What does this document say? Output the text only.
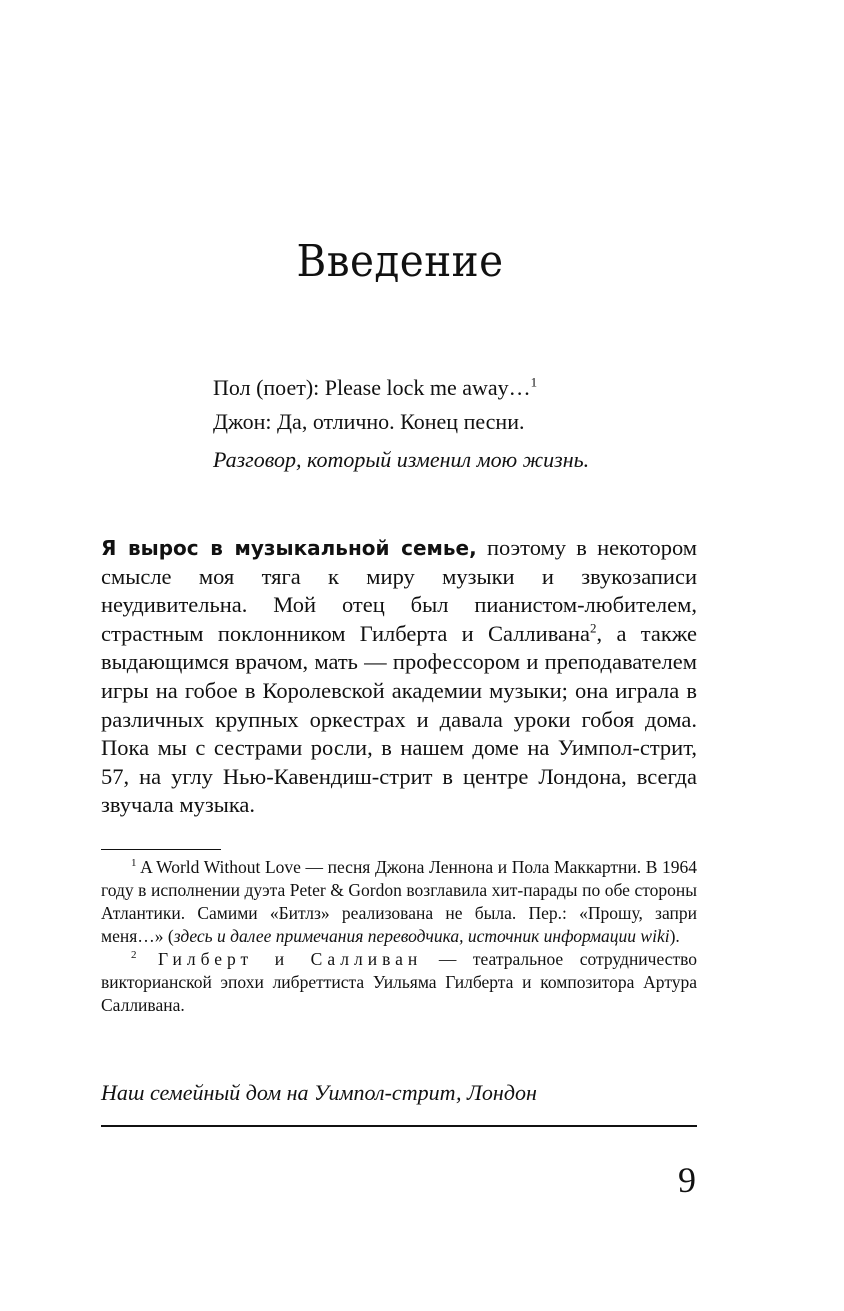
Введение

Пол (поет): Please lock me away…$^1$

Джон: Да, отлично. Конец песни.

Разговор, который изменил мою жизнь.

Я вырос в музыкальной семье, поэтому в некотором смысле моя тяга к миру музыки и звукозаписи неудивительна. Мой отец был пианистом-любителем, страстным поклонником Гилберта и Салливана$^2$, а также выдающимся врачом, мать — профессором и преподавателем игры на гобое в Королевской академии музыки; она играла в различных крупных оркестрах и давала уроки гобоя дома. Пока мы с сестрами росли, в нашем доме на Уимпол-стрит, 57, на углу Нью-Кавендиш-стрит в центре Лондона, всегда звучала музыка.

$^1$ A World Without Love — песня Джона Леннона и Пола Маккартни. В 1964 году в исполнении дуэта Peter & Gordon возглавила хит-парады по обе стороны Атлантики. Самими «Битлз» реализована не была. Пер.: «Прошу, запри меня…» (здесь и далее примечания переводчика, источник информации wiki).

$^2$ Гилберт и Салливан — театральное сотрудничество викторианской эпохи либреттиста Уильяма Гилберта и композитора Артура Салливана.

Наш семейный дом на Уимпол-стрит, Лондон
9
